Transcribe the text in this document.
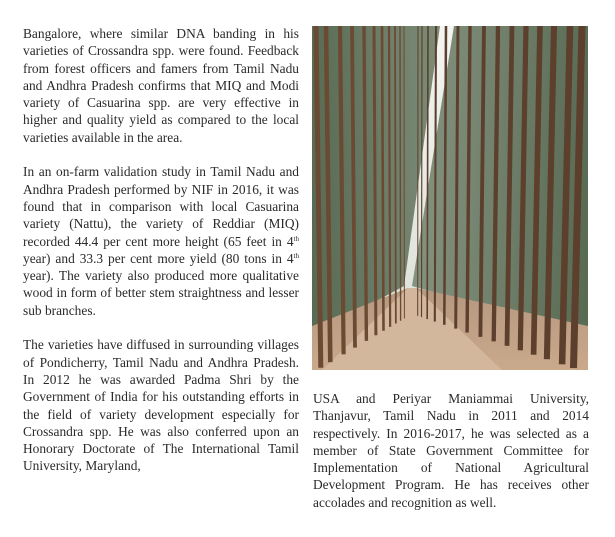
Bangalore, where similar DNA banding in his varieties of Crossandra spp. were found. Feedback from forest officers and famers from Tamil Nadu and Andhra Pradesh confirms that MIQ and Modi variety of Casuarina spp. are very effective in higher and quality yield as compared to the local varieties available in the area.

In an on-farm validation study in Tamil Nadu and Andhra Pradesh performed by NIF in 2016, it was found that in comparison with local Casuarina variety (Nattu), the variety of Reddiar (MIQ) recorded 44.4 per cent more height (65 feet in 4th year) and 33.3 per cent more yield (80 tons in 4th year). The variety also produced more qualitative wood in form of better stem straightness and lesser sub branches.

The varieties have diffused in surrounding villages of Pondicherry, Tamil Nadu and Andhra Pradesh. In 2012 he was awarded Padma Shri by the Government of India for his outstanding efforts in the field of variety development especially for Crossandra spp. He was also conferred upon an Honorary Doctorate of The International Tamil University, Maryland,

USA and Periyar Maniammai University, Thanjavur, Tamil Nadu in 2011 and 2014 respectively. In 2016-2017, he was selected as a member of State Government Committee for Implementation of National Agricultural Development Program. He has receives other accolades and recognition as well.
